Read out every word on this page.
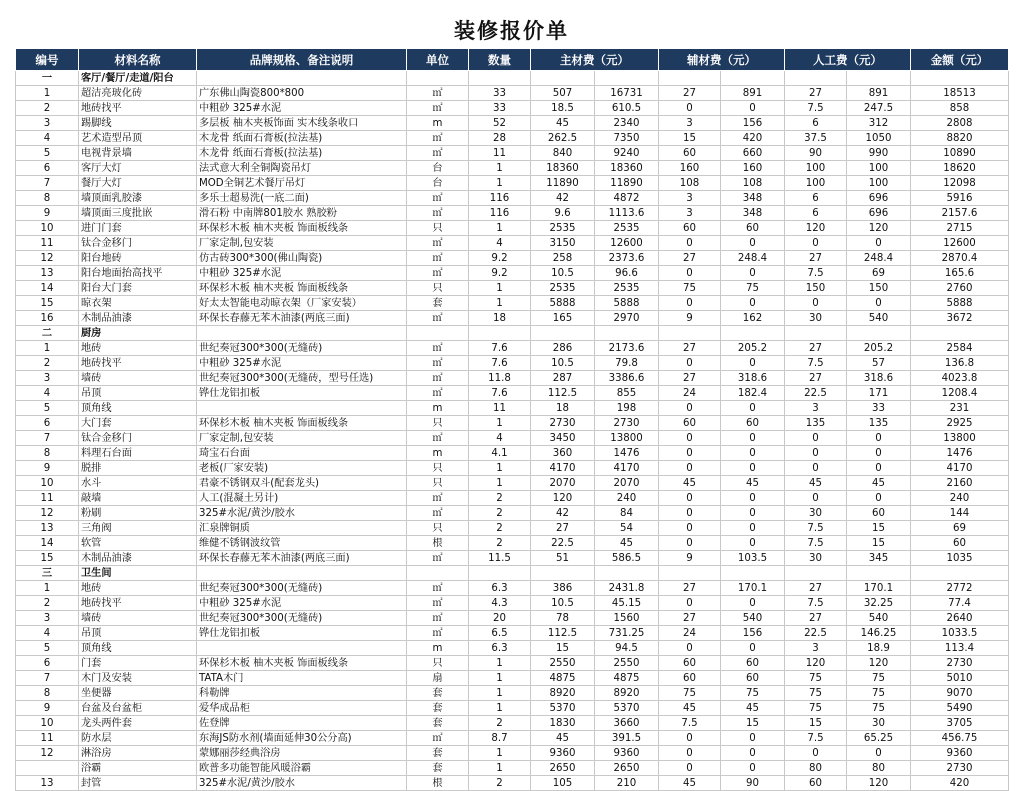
装修报价单
编号	材料名称	品牌规格、备注说明	单位	数量	主材费（元）		辅材费（元）		人工费（元）		金额（元）
一	客厅/餐厅/走道/阳台										
1	超洁亮玻化砖	广东佛山陶瓷800*800	㎡	33	507	16731	27	891	27	891	18513
2	地砖找平	中粗砂 325#水泥	㎡	33	18.5	610.5	0	0	7.5	247.5	858
3	踢脚线	多层板 柚木夹板饰面 实木线条收口	m	52	45	2340	3	156	6	312	2808
4	艺术造型吊顶	木龙骨 纸面石膏板(拉法基)	㎡	28	262.5	7350	15	420	37.5	1050	8820
5	电视背景墙	木龙骨 纸面石膏板(拉法基)	㎡	11	840	9240	60	660	90	990	10890
6	客厅大灯	法式意大利全铜陶瓷吊灯	台	1	18360	18360	160	160	100	100	18620
7	餐厅大灯	MOD全铜艺术餐厅吊灯	台	1	11890	11890	108	108	100	100	12098
8	墙顶面乳胶漆	多乐士超易洗(一底二面)	㎡	116	42	4872	3	348	6	696	5916
9	墙顶面三度批嵌	滑石粉 中南牌801胶水 熟胶粉	㎡	116	9.6	1113.6	3	348	6	696	2157.6
10	进门门套	环保杉木板 柚木夹板 饰面板线条	只	1	2535	2535	60	60	120	120	2715
11	钛合金移门	厂家定制,包安装	㎡	4	3150	12600	0	0	0	0	12600
12	阳台地砖	仿古砖300*300(佛山陶瓷)	㎡	9.2	258	2373.6	27	248.4	27	248.4	2870.4
13	阳台地面抬高找平	中粗砂 325#水泥	㎡	9.2	10.5	96.6	0	0	7.5	69	165.6
14	阳台大门套	环保杉木板 柚木夹板 饰面板线条	只	1	2535	2535	75	75	150	150	2760
15	晾衣架	好太太智能电动晾衣架（厂家安装）	套	1	5888	5888	0	0	0	0	5888
16	木制品油漆	环保长春藤无苯木油漆(两底三面)	㎡	18	165	2970	9	162	30	540	3672
二	厨房										
1	地砖	世纪奏冠300*300(无缝砖)	㎡	7.6	286	2173.6	27	205.2	27	205.2	2584
2	地砖找平	中粗砂 325#水泥	㎡	7.6	10.5	79.8	0	0	7.5	57	136.8
3	墙砖	世纪奏冠300*300(无缝砖，型号任选)	㎡	11.8	287	3386.6	27	318.6	27	318.6	4023.8
4	吊顶	铧仕龙铝扣板	㎡	7.6	112.5	855	24	182.4	22.5	171	1208.4
5	顶角线		m	11	18	198	0	0	3	33	231
6	大门套	环保杉木板 柚木夹板 饰面板线条	只	1	2730	2730	60	60	135	135	2925
7	钛合金移门	厂家定制,包安装	㎡	4	3450	13800	0	0	0	0	13800
8	料理石台面	琦宝石台面	m	4.1	360	1476	0	0	0	0	1476
9	脱排	老板(厂家安装)	只	1	4170	4170	0	0	0	0	4170
10	水斗	君豪不锈钢双斗(配套龙头)	只	1	2070	2070	45	45	45	45	2160
11	敲墙	人工(混凝土另计)	㎡	2	120	240	0	0	0	0	240
12	粉刷	325#水泥/黄沙/胶水	㎡	2	42	84	0	0	30	60	144
13	三角阀	汇泉牌铜质	只	2	27	54	0	0	7.5	15	69
14	软管	维健不锈钢波纹管	根	2	22.5	45	0	0	7.5	15	60
15	木制品油漆	环保长春藤无苯木油漆(两底三面)	㎡	11.5	51	586.5	9	103.5	30	345	1035
三	卫生间										
1	地砖	世纪奏冠300*300(无缝砖)	㎡	6.3	386	2431.8	27	170.1	27	170.1	2772
2	地砖找平	中粗砂 325#水泥	㎡	4.3	10.5	45.15	0	0	7.5	32.25	77.4
3	墙砖	世纪奏冠300*300(无缝砖)	㎡	20	78	1560	27	540	27	540	2640
4	吊顶	铧仕龙铝扣板	㎡	6.5	112.5	731.25	24	156	22.5	146.25	1033.5
5	顶角线		m	6.3	15	94.5	0	0	3	18.9	113.4
6	门套	环保杉木板 柚木夹板 饰面板线条	只	1	2550	2550	60	60	120	120	2730
7	木门及安装	TATA木门	扇	1	4875	4875	60	60	75	75	5010
8	坐便器	科勒牌	套	1	8920	8920	75	75	75	75	9070
9	台盆及台盆柜	爱华成品柜	套	1	5370	5370	45	45	75	75	5490
10	龙头两件套	佐登牌	套	2	1830	3660	7.5	15	15	30	3705
11	防水层	东海JS防水剂(墙面延伸30公分高)	㎡	8.7	45	391.5	0	0	7.5	65.25	456.75
12	淋浴房	蒙娜丽莎经典浴房	套	1	9360	9360	0	0	0	0	9360
	浴霸	欧普多功能智能风暖浴霸	套	1	2650	2650	0	0	80	80	2730
13	封管	325#水泥/黄沙/胶水	根	2	105	210	45	90	60	120	420
